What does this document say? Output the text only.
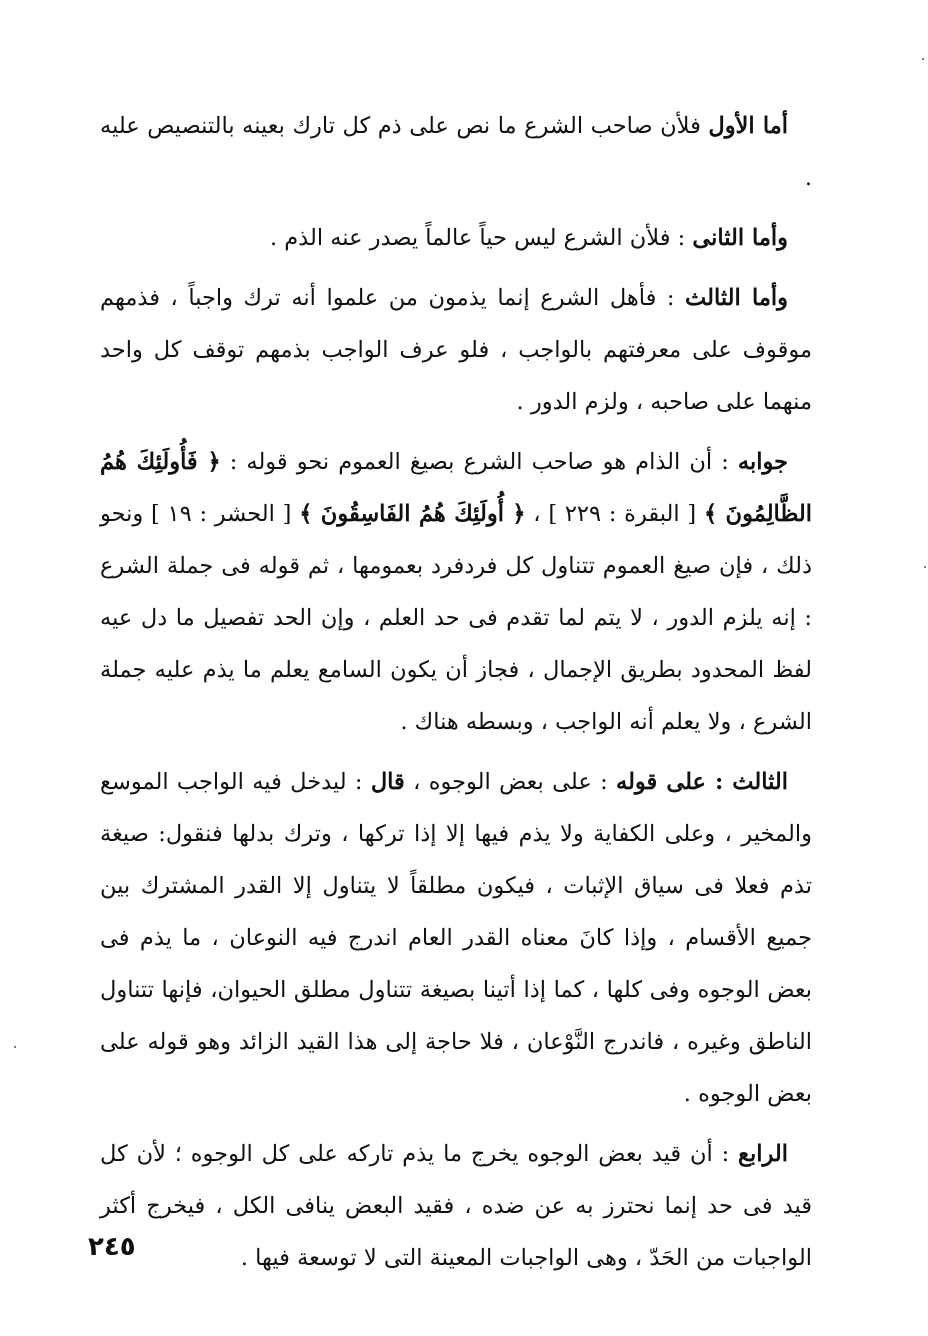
أما الأول فلأن صاحب الشرع ما نص على ذم كل تارك بعينه بالتنصيص عليه .

وأما الثانى : فلأن الشرع ليس حياً عالماً يصدر عنه الذم .

وأما الثالث : فأهل الشرع إنما يذمون من علموا أنه ترك واجباً ، فذمهم موقوف على معرفتهم بالواجب ، فلو عرف الواجب بذمهم توقف كل واحد منهما على صاحبه ، ولزم الدور .

جوابه : أن الذام هو صاحب الشرع بصيغ العموم نحو قوله : ﴿ فَأُولَئِكَ هُمُ الظَّالِمُونَ ﴾ [ البقرة : ٢٢٩ ] ، ﴿ أُولَئِكَ هُمُ الفَاسِقُونَ ﴾ [ الحشر : ١٩ ] ونحو ذلك ، فإن صيغ العموم تتناول كل فردفرد بعمومها ، ثم قوله فى جملة الشرع : إنه يلزم الدور ، لا يتم لما تقدم فى حد العلم ، وإن الحد تفصيل ما دل عيه لفظ المحدود بطريق الإجمال ، فجاز أن يكون السامع يعلم ما يذم عليه جملة الشرع ، ولا يعلم أنه الواجب ، وبسطه هناك .

الثالث : على قوله : على بعض الوجوه ، قال : ليدخل فيه الواجب الموسع والمخير ، وعلى الكفاية ولا يذم فيها إلا إذا تركها ، وترك بدلها فنقول: صيغة تذم فعلا فى سياق الإثبات ، فيكون مطلقاً لا يتناول إلا القدر المشترك بين جميع الأقسام ، وإذا كانَ معناه القدر العام اندرج فيه النوعان ، ما يذم فى بعض الوجوه وفى كلها ، كما إذا أتينا بصيغة تتناول مطلق الحيوان، فإنها تتناول الناطق وغيره ، فاندرج النَّوْعان ، فلا حاجة إلى هذا القيد الزائد وهو قوله على بعض الوجوه .

الرابع : أن قيد بعض الوجوه يخرج ما يذم تاركه على كل الوجوه ؛ لأن كل قيد فى حد إنما نحترز به عن ضده ، فقيد البعض ينافى الكل ، فيخرج أكثر الواجبات من الحَدّ ، وهى الواجبات المعينة التى لا توسعة فيها .

٢٤٥
